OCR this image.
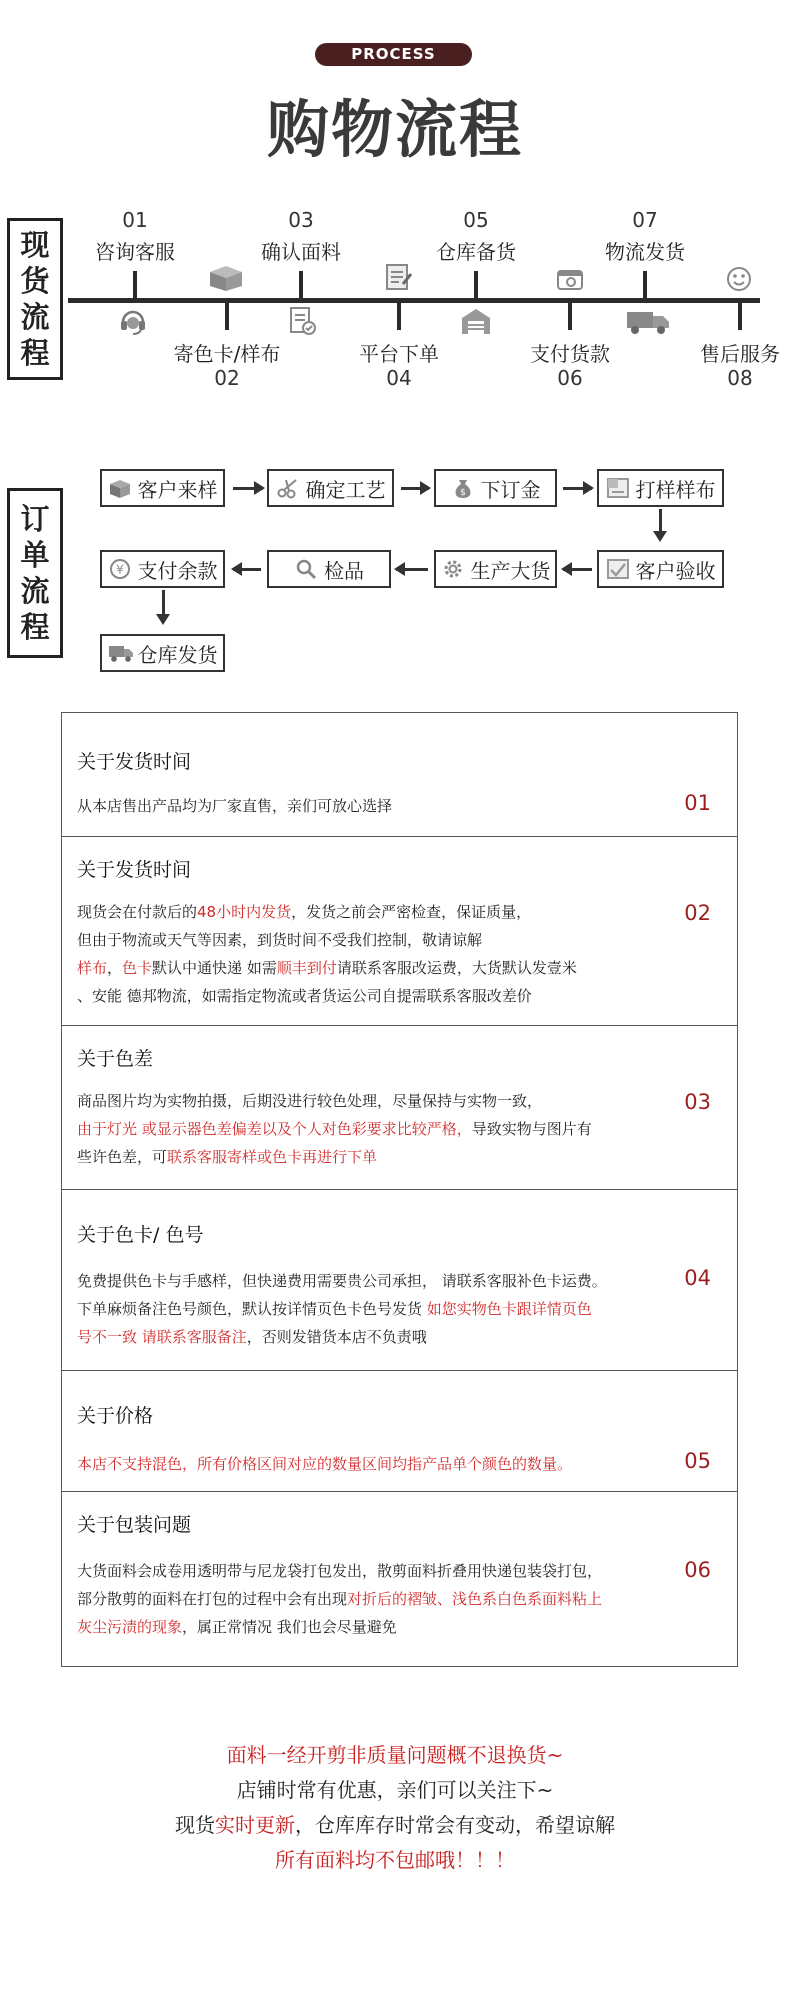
PROCESS
购物流程
现
货
流
程
01
咨询客服
寄色卡/样布
02
03
确认面料
平台下单
04
05
仓库备货
支付货款
06
07
物流发货
售后服务
08
订
单
流
程
客户来样	确定工艺	$ 下订金	打样样布
客户验收
生产大货
检品
¥ 支付余款
仓库发货
关于发货时间
从本店售出产品均为厂家直售，亲们可放心选择	01
关于发货时间
现货会在付款后的48小时内发货，发货之前会严密检查，保证质量，
但由于物流或天气等因素，到货时间不受我们控制，敬请谅解
样布，色卡默认中通快递 如需顺丰到付请联系客服改运费，大货默认发壹米
、安能 德邦物流，如需指定物流或者货运公司自提需联系客服改差价
02
关于色差
商品图片均为实物拍摄，后期没进行较色处理，尽量保持与实物一致，
由于灯光 或显示器色差偏差以及个人对色彩要求比较严格，导致实物与图片有
些许色差，可联系客服寄样或色卡再进行下单
03
关于色卡/ 色号
免费提供色卡与手感样，但快递费用需要贵公司承担， 请联系客服补色卡运费。
下单麻烦备注色号颜色，默认按详情页色卡色号发货 如您实物色卡跟详情页色
号不一致 请联系客服备注，否则发错货本店不负责哦
04
关于价格
本店不支持混色，所有价格区间对应的数量区间均指产品单个颜色的数量。	05
关于包装问题
大货面料会成卷用透明带与尼龙袋打包发出，散剪面料折叠用快递包装袋打包，
部分散剪的面料在打包的过程中会有出现对折后的褶皱、浅色系白色系面料粘上
灰尘污渍的现象，属正常情况 我们也会尽量避免
06
面料一经开剪非质量问题概不退换货~
店铺时常有优惠，亲们可以关注下~
现货实时更新，仓库库存时常会有变动，希望谅解
所有面料均不包邮哦！！！
